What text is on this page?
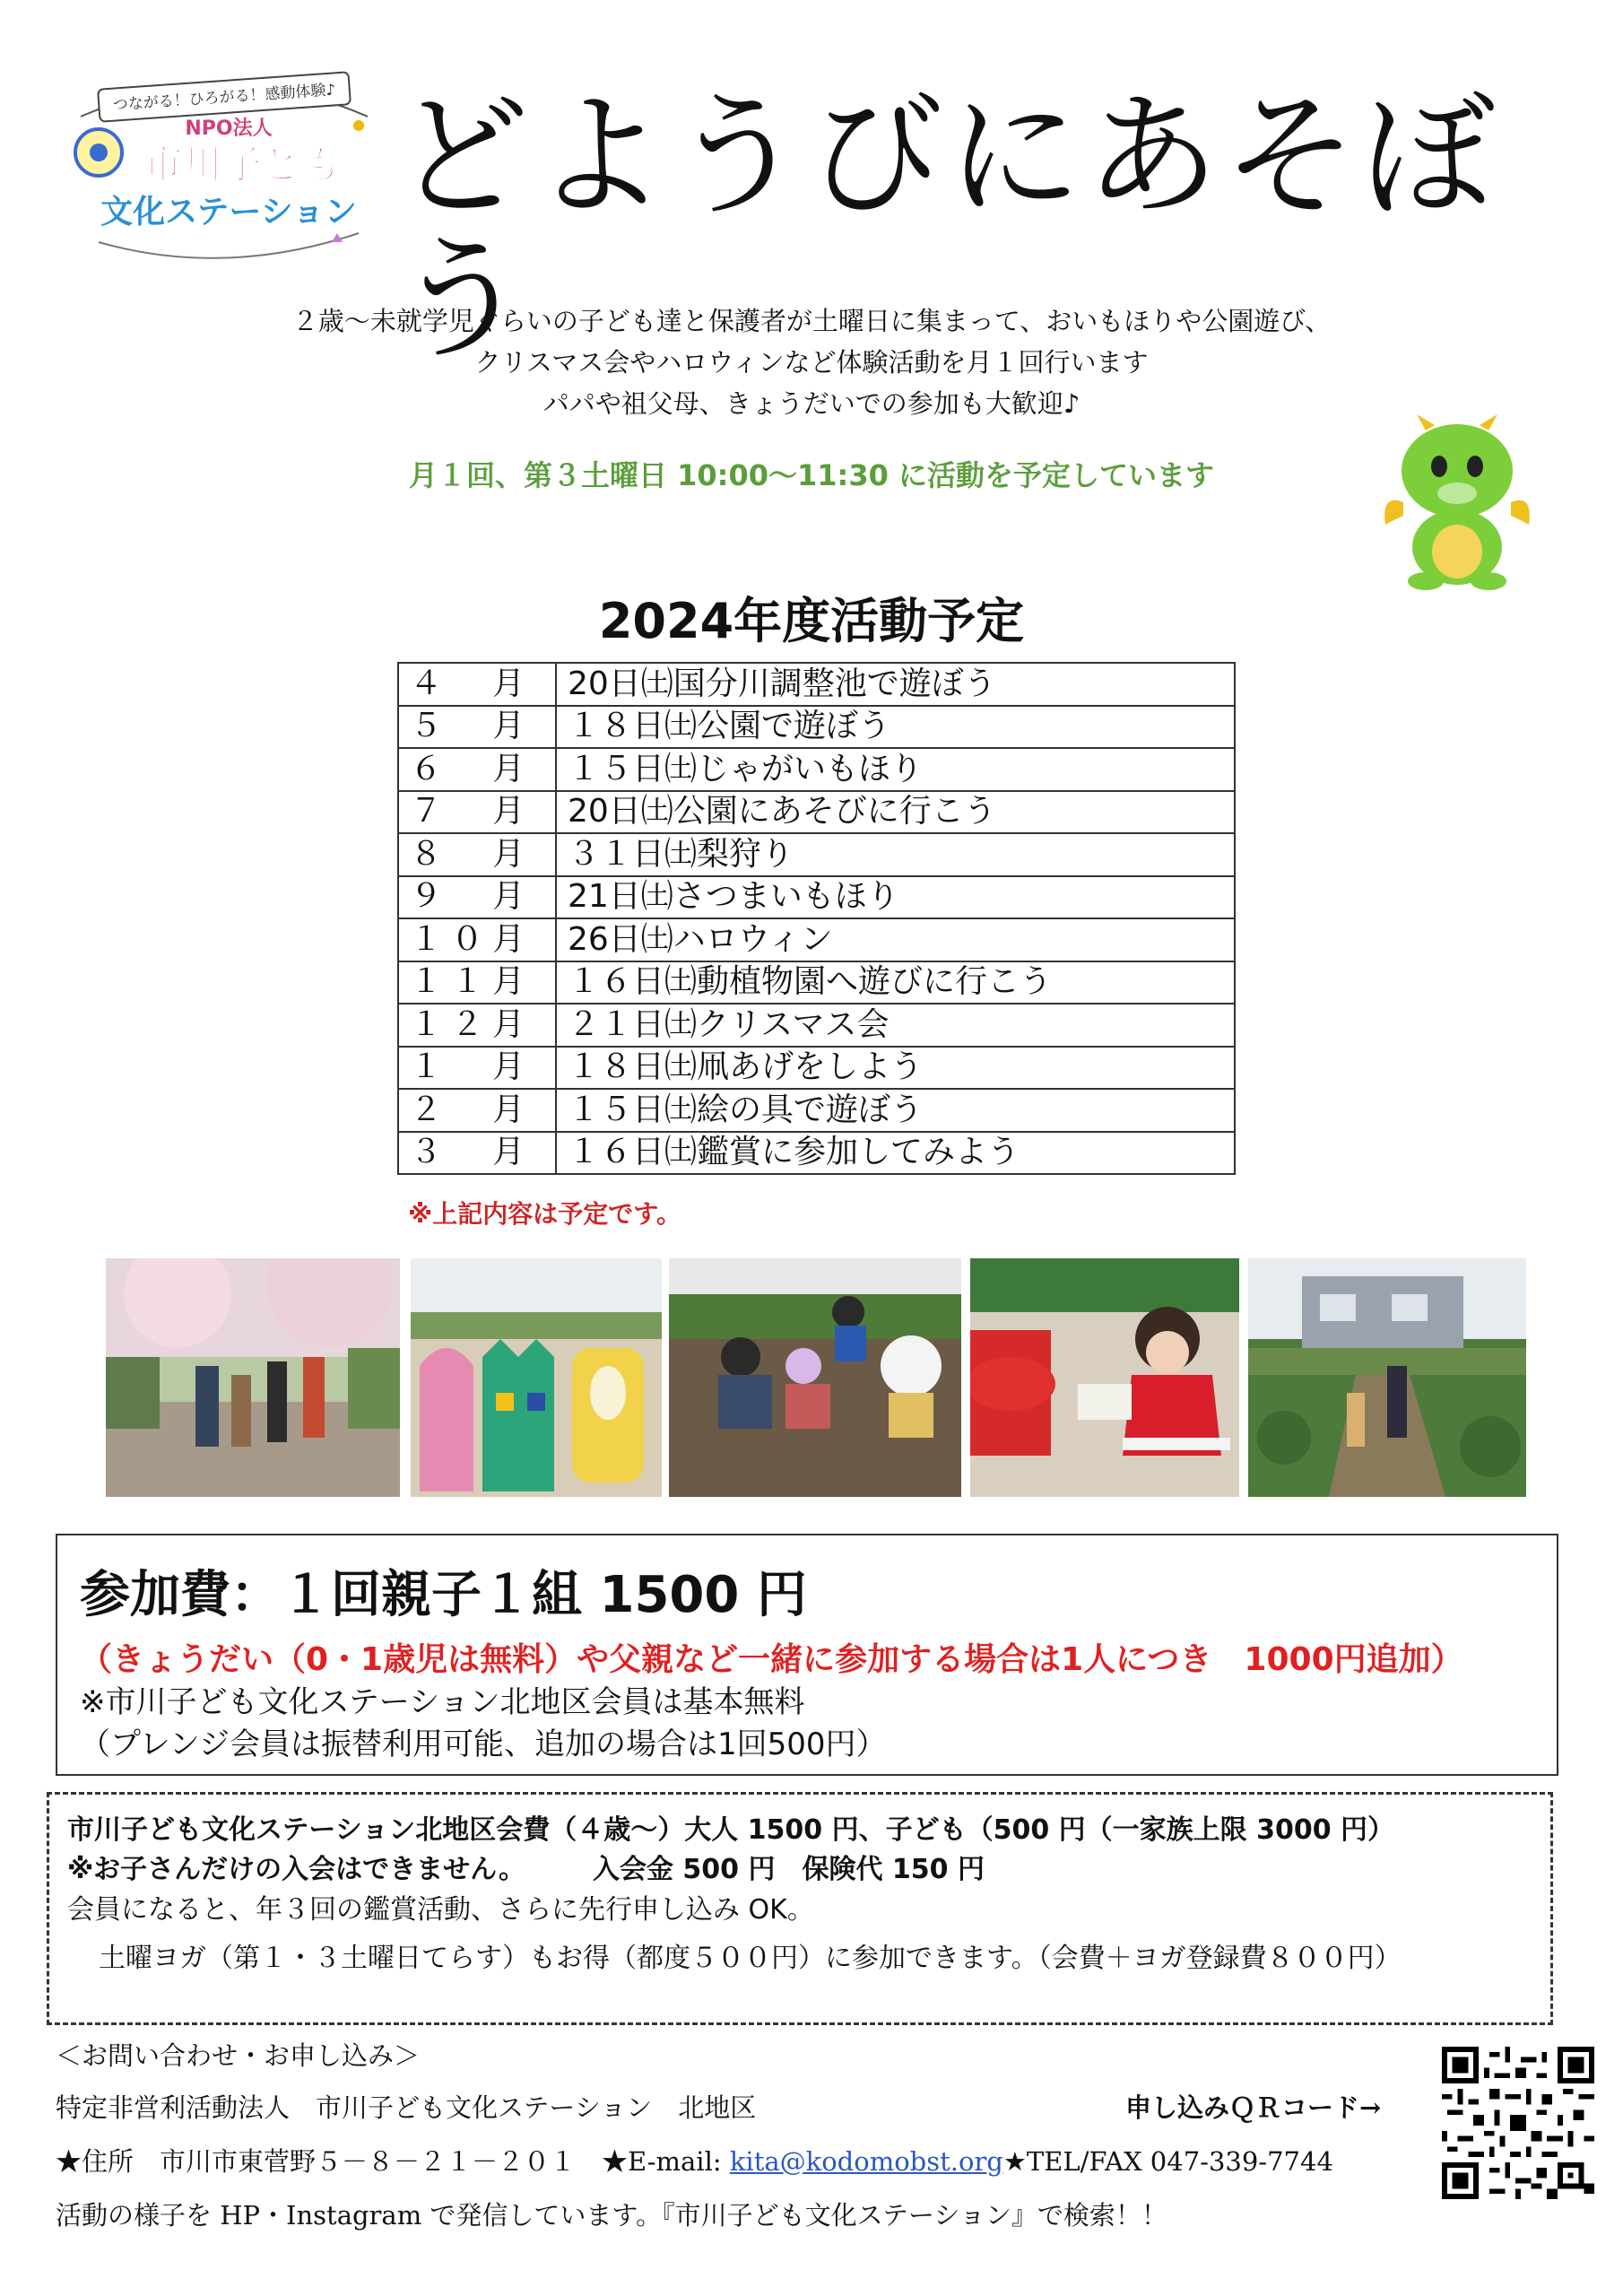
つながる！ひろがる！感動体験♪
NPO法人
市川子ども
文化ステーション どようびにあそぼう
２歳〜未就学児ぐらいの子ども達と保護者が土曜日に集まって、おいもほりや公園遊び、
クリスマス会やハロウィンなど体験活動を月１回行います
パパや祖父母、きょうだいでの参加も大歓迎♪
月１回、第３土曜日 10:00〜11:30 に活動を予定しています
2024年度活動予定
４　月	20日㈯国分川調整池で遊ぼう
５　月	１８日㈯公園で遊ぼう
６　月	１５日㈯じゃがいもほり
７　月	20日㈯公園にあそびに行こう
８　月	３１日㈯梨狩り
９　月	21日㈯さつまいもほり
１０月	26日㈯ハロウィン
１１月	１６日㈯動植物園へ遊びに行こう
１２月	２１日㈯クリスマス会
１　月	１８日㈯凧あげをしよう
２　月	１５日㈯絵の具で遊ぼう
３　月	１６日㈯鑑賞に参加してみよう
※上記内容は予定です。
参加費：１回親子１組 1500 円
（きょうだい（0・1歳児は無料）や父親など一緒に参加する場合は1人につき　1000円追加）
※市川子ども文化ステーション北地区会員は基本無料
（プレンジ会員は振替利用可能、追加の場合は1回500円）
市川子ども文化ステーション北地区会費（４歳〜）大人 1500 円、子ども（500 円（一家族上限 3000 円）
※お子さんだけの入会はできません。　　　入会金 500 円　保険代 150 円
会員になると、年３回の鑑賞活動、さらに先行申し込み OK。
土曜ヨガ（第１・３土曜日てらす）もお得（都度５００円）に参加できます。（会費＋ヨガ登録費８００円）
＜お問い合わせ・お申し込み＞
特定非営利活動法人　市川子ども文化ステーション　北地区
★住所　市川市東菅野５－８－２１－２０１　★E-mail: kita@kodomobst.org★TEL/FAX 047-339-7744
活動の様子を HP・Instagram で発信しています。『市川子ども文化ステーション』で検索！！
申し込みＱＲコード→
